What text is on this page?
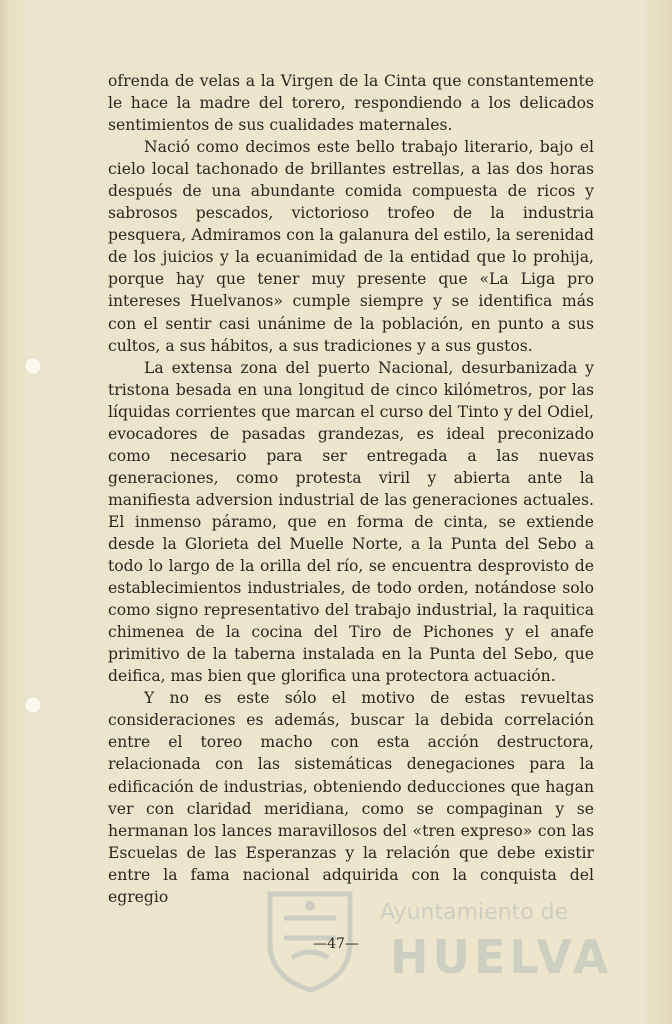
ofrenda de velas a la Virgen de la Cinta que constantemente le hace la madre del torero, respondiendo a los delicados sentimientos de sus cualidades maternales.

Nació como decimos este bello trabajo literario, bajo el cielo local tachonado de brillantes estrellas, a las dos horas después de una abundante comida compuesta de ricos y sabrosos pescados, victorioso trofeo de la industria pesquera, Admiramos con la galanura del estilo, la serenidad de los juicios y la ecuanimidad de la entidad que lo prohija, porque hay que tener muy presente que «La Liga pro intereses Huelvanos» cumple siempre y se identifica más con el sentir casi unánime de la población, en punto a sus cultos, a sus hábitos, a sus tradiciones y a sus gustos.

La extensa zona del puerto Nacional, desurbanizada y tristona besada en una longitud de cinco kilómetros, por las líquidas corrientes que marcan el curso del Tinto y del Odiel, evocadores de pasadas grandezas, es ideal preconizado como necesario para ser entregada a las nuevas generaciones, como protesta viril y abierta ante la manifiesta adversion industrial de las generaciones actuales. El inmenso páramo, que en forma de cinta, se extiende desde la Glorieta del Muelle Norte, a la Punta del Sebo a todo lo largo de la orilla del río, se encuentra desprovisto de establecimientos industriales, de todo orden, notándose solo como signo representativo del trabajo industrial, la raquitica chimenea de la cocina del Tiro de Pichones y el anafe primitivo de la taberna instalada en la Punta del Sebo, que deifica, mas bien que glorifica una protectora actuación.

Y no es este sólo el motivo de estas revueltas consideraciones es además, buscar la debida correlación entre el toreo macho con esta acción destructora, relacionada con las sistemáticas denegaciones para la edificación de industrias, obteniendo deducciones que hagan ver con claridad meridiana, como se compaginan y se hermanan los lances maravillosos del «tren expreso» con las Escuelas de las Esperanzas y la relación que debe existir entre la fama nacional adquirida con la conquista del egregio

Ayuntamiento de
HUELVA
—47—
